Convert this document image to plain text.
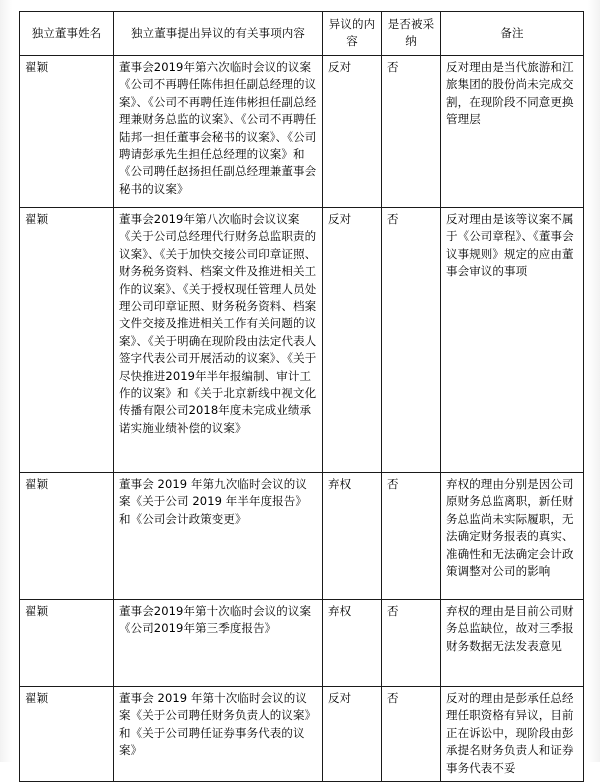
独立董事姓名	独立董事提出异议的有关事项内容	异议的内容	是否被采纳	备注
翟颖	董事会2019年第六次临时会议的议案《公司不再聘任陈伟担任副总经理的议案》、《公司不再聘任连伟彬担任副总经理兼财务总监的议案》、《公司不再聘任陆邦一担任董事会秘书的议案》、《公司聘请彭承先生担任总经理的议案》和《公司聘任赵扬担任副总经理兼董事会秘书的议案》	反对	否	反对理由是当代旅游和江旅集团的股份尚未完成交割，在现阶段不同意更换管理层
翟颖	董事会2019年第八次临时会议议案《关于公司总经理代行财务总监职责的议案》、《关于加快交接公司印章证照、财务税务资料、档案文件及推进相关工作的议案》、《关于授权现任管理人员处理公司印章证照、财务税务资料、档案文件交接及推进相关工作有关问题的议案》、《关于明确在现阶段由法定代表人签字代表公司开展活动的议案》、《关于尽快推进2019年半年报编制、审计工作的议案》和《关于北京新线中视文化传播有限公司2018年度未完成业绩承诺实施业绩补偿的议案》	反对	否	反对理由是该等议案不属于《公司章程》、《董事会议事规则》规定的应由董事会审议的事项
翟颖	董事会 2019 年第九次临时会议的议案《关于公司 2019 年半年度报告》和《公司会计政策变更》	弃权	否	弃权的理由分别是因公司原财务总监离职，新任财务总监尚未实际履职，无法确定财务报表的真实、准确性和无法确定会计政策调整对公司的影响
翟颖	董事会2019年第十次临时会议的议案《公司2019年第三季度报告》	弃权	否	弃权的理由是目前公司财务总监缺位，故对三季报财务数据无法发表意见
翟颖	董事会 2019 年第十次临时会议的议案《关于公司聘任财务负责人的议案》和《关于公司聘任证券事务代表的议案》	反对	否	反对的理由是彭承任总经理任职资格有异议，目前正在诉讼中，现阶段由彭承提名财务负责人和证券事务代表不妥
